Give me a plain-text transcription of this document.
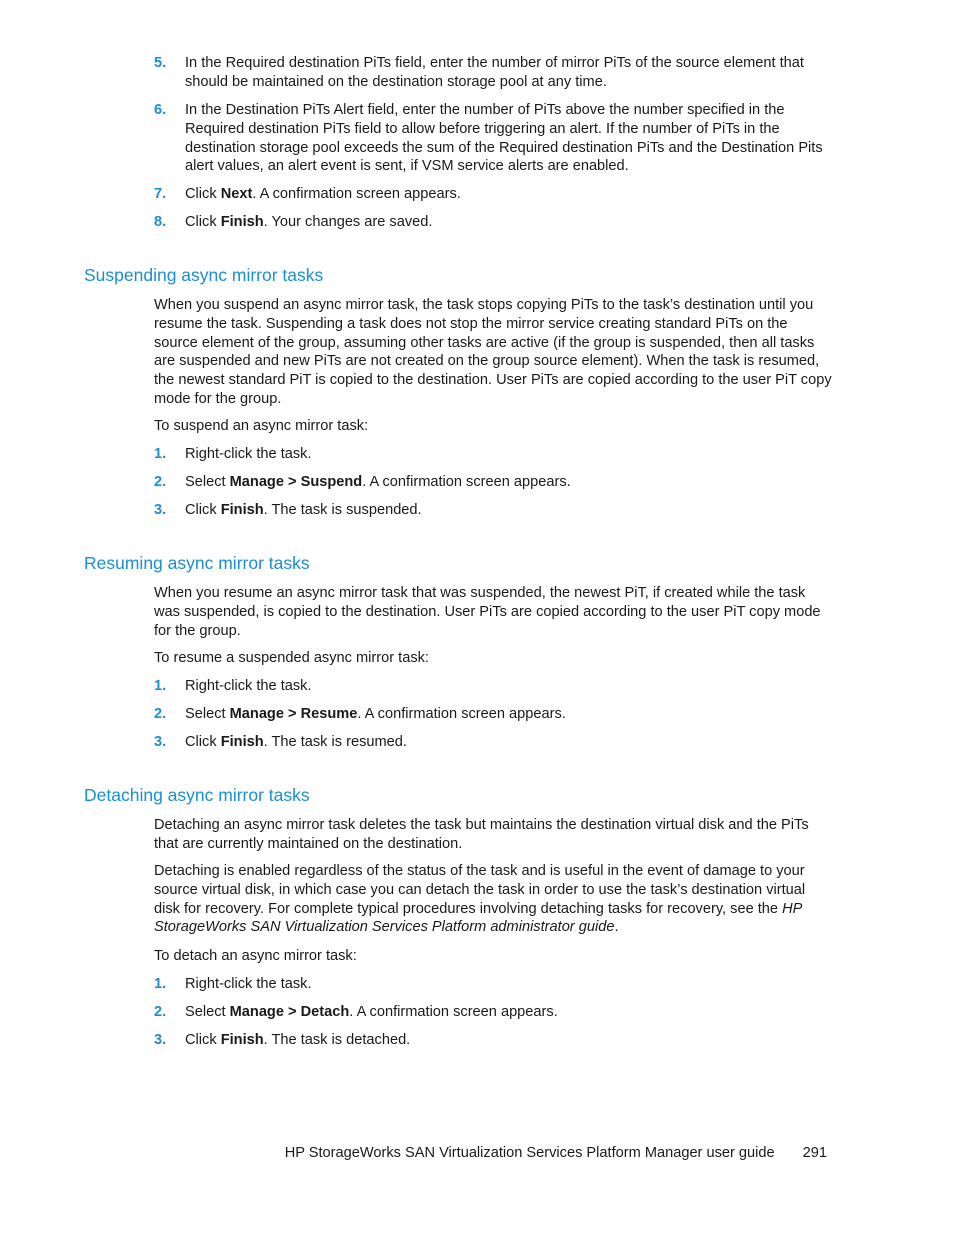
5. In the Required destination PiTs field, enter the number of mirror PiTs of the source element that should be maintained on the destination storage pool at any time.
6. In the Destination PiTs Alert field, enter the number of PiTs above the number specified in the Required destination PiTs field to allow before triggering an alert. If the number of PiTs in the destination storage pool exceeds the sum of the Required destination PiTs and the Destination Pits alert values, an alert event is sent, if VSM service alerts are enabled.
7. Click Next. A confirmation screen appears.
8. Click Finish. Your changes are saved.
Suspending async mirror tasks

When you suspend an async mirror task, the task stops copying PiTs to the task’s destination until you resume the task. Suspending a task does not stop the mirror service creating standard PiTs on the source element of the group, assuming other tasks are active (if the group is suspended, then all tasks are suspended and new PiTs are not created on the group source element). When the task is resumed, the newest standard PiT is copied to the destination. User PiTs are copied according to the user PiT copy mode for the group.

To suspend an async mirror task:

1. Right-click the task.
2. Select Manage > Suspend. A confirmation screen appears.
3. Click Finish. The task is suspended.
Resuming async mirror tasks

When you resume an async mirror task that was suspended, the newest PiT, if created while the task was suspended, is copied to the destination. User PiTs are copied according to the user PiT copy mode for the group.

To resume a suspended async mirror task:

1. Right-click the task.
2. Select Manage > Resume. A confirmation screen appears.
3. Click Finish. The task is resumed.
Detaching async mirror tasks

Detaching an async mirror task deletes the task but maintains the destination virtual disk and the PiTs that are currently maintained on the destination.

Detaching is enabled regardless of the status of the task and is useful in the event of damage to your source virtual disk, in which case you can detach the task in order to use the task’s destination virtual disk for recovery. For complete typical procedures involving detaching tasks for recovery, see the HP StorageWorks SAN Virtualization Services Platform administrator guide.

To detach an async mirror task:

1. Right-click the task.
2. Select Manage > Detach. A confirmation screen appears.
3. Click Finish. The task is detached.
HP StorageWorks SAN Virtualization Services Platform Manager user guide 291
